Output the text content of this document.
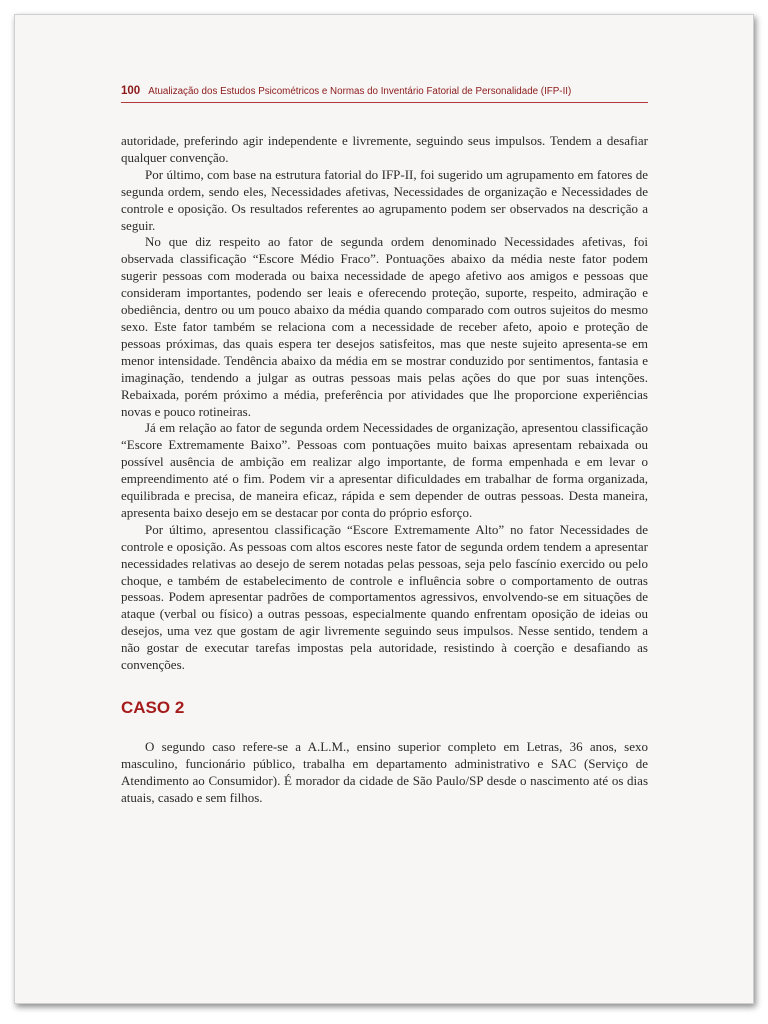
100 Atualização dos Estudos Psicométricos e Normas do Inventário Fatorial de Personalidade (IFP-II)

autoridade, preferindo agir independente e livremente, seguindo seus impulsos. Tendem a desafiar qualquer convenção.

Por último, com base na estrutura fatorial do IFP-II, foi sugerido um agrupamento em fatores de segunda ordem, sendo eles, Necessidades afetivas, Necessidades de organização e Necessidades de controle e oposição. Os resultados referentes ao agrupamento podem ser observados na descrição a seguir.

No que diz respeito ao fator de segunda ordem denominado Necessidades afetivas, foi observada classificação “Escore Médio Fraco”. Pontuações abaixo da média neste fator podem sugerir pessoas com moderada ou baixa necessidade de apego afetivo aos amigos e pessoas que consideram importantes, podendo ser leais e oferecendo proteção, suporte, respeito, admiração e obediência, dentro ou um pouco abaixo da média quando comparado com outros sujeitos do mesmo sexo. Este fator também se relaciona com a necessidade de receber afeto, apoio e proteção de pessoas próximas, das quais espera ter desejos satisfeitos, mas que neste sujeito apresenta-se em menor intensidade. Tendência abaixo da média em se mostrar conduzido por sentimentos, fantasia e imaginação, tendendo a julgar as outras pessoas mais pelas ações do que por suas intenções. Rebaixada, porém próximo a média, preferência por atividades que lhe proporcione experiências novas e pouco rotineiras.

Já em relação ao fator de segunda ordem Necessidades de organização, apresentou classificação “Escore Extremamente Baixo”. Pessoas com pontuações muito baixas apresentam rebaixada ou possível ausência de ambição em realizar algo importante, de forma empenhada e em levar o empreendimento até o fim. Podem vir a apresentar dificuldades em trabalhar de forma organizada, equilibrada e precisa, de maneira eficaz, rápida e sem depender de outras pessoas. Desta maneira, apresenta baixo desejo em se destacar por conta do próprio esforço.

Por último, apresentou classificação “Escore Extremamente Alto” no fator Necessidades de controle e oposição. As pessoas com altos escores neste fator de segunda ordem tendem a apresentar necessidades relativas ao desejo de serem notadas pelas pessoas, seja pelo fascínio exercido ou pelo choque, e também de estabelecimento de controle e influência sobre o comportamento de outras pessoas. Podem apresentar padrões de comportamentos agressivos, envolvendo-se em situações de ataque (verbal ou físico) a outras pessoas, especialmente quando enfrentam oposição de ideias ou desejos, uma vez que gostam de agir livremente seguindo seus impulsos. Nesse sentido, tendem a não gostar de executar tarefas impostas pela autoridade, resistindo à coerção e desafiando as convenções.

CASO 2

O segundo caso refere-se a A.L.M., ensino superior completo em Letras, 36 anos, sexo masculino, funcionário público, trabalha em departamento administrativo e SAC (Serviço de Atendimento ao Consumidor). É morador da cidade de São Paulo/SP desde o nascimento até os dias atuais, casado e sem filhos.
